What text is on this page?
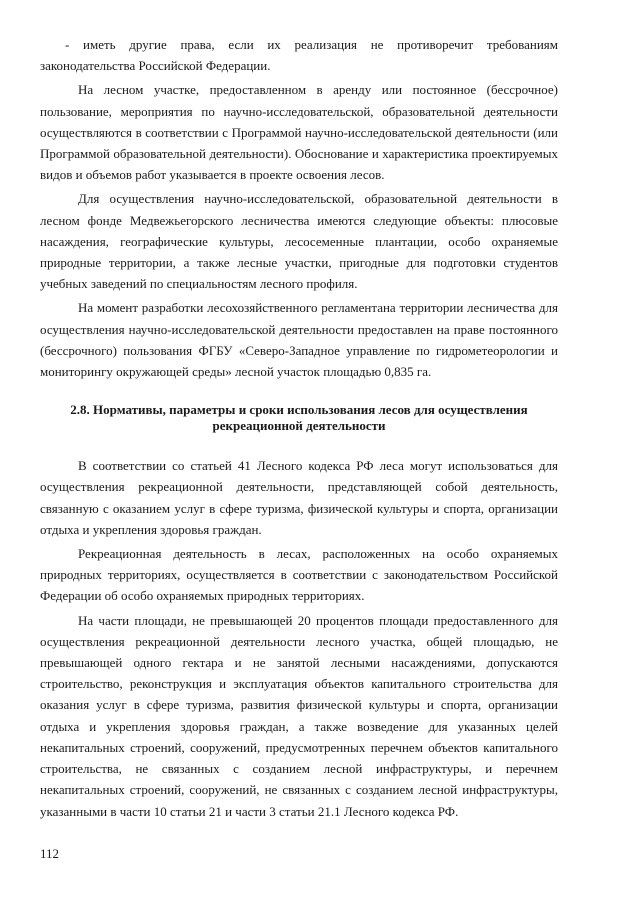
- иметь другие права, если их реализация не противоречит требованиям законодательства Российской Федерации.

На лесном участке, предоставленном в аренду или постоянное (бессрочное) пользование, мероприятия по научно-исследовательской, образовательной деятельности осуществляются в соответствии с Программой научно-исследовательской деятельности (или Программой образовательной деятельности). Обоснование и характеристика проектируемых видов и объемов работ указывается в проекте освоения лесов.

Для осуществления научно-исследовательской, образовательной деятельности в лесном фонде Медвежьегорского лесничества имеются следующие объекты: плюсовые насаждения, географические культуры, лесосеменные плантации, особо охраняемые природные территории, а также лесные участки, пригодные для подготовки студентов учебных заведений по специальностям лесного профиля.

На момент разработки лесохозяйственного регламентана территории лесничества для осуществления научно-исследовательской деятельности предоставлен на праве постоянного (бессрочного) пользования ФГБУ «Северо-Западное управление по гидрометеорологии и мониторингу окружающей среды» лесной участок площадью 0,835 га.

2.8. Нормативы, параметры и сроки использования лесов для осуществления рекреационной деятельности

В соответствии со статьей 41 Лесного кодекса РФ леса могут использоваться для осуществления рекреационной деятельности, представляющей собой деятельность, связанную с оказанием услуг в сфере туризма, физической культуры и спорта, организации отдыха и укрепления здоровья граждан.

Рекреационная деятельность в лесах, расположенных на особо охраняемых природных территориях, осуществляется в соответствии с законодательством Российской Федерации об особо охраняемых природных территориях.

На части площади, не превышающей 20 процентов площади предоставленного для осуществления рекреационной деятельности лесного участка, общей площадью, не превышающей одного гектара и не занятой лесными насаждениями, допускаются строительство, реконструкция и эксплуатация объектов капитального строительства для оказания услуг в сфере туризма, развития физической культуры и спорта, организации отдыха и укрепления здоровья граждан, а также возведение для указанных целей некапитальных строений, сооружений, предусмотренных перечнем объектов капитального строительства, не связанных с созданием лесной инфраструктуры, и перечнем некапитальных строений, сооружений, не связанных с созданием лесной инфраструктуры, указанными в части 10 статьи 21 и части 3 статьи 21.1 Лесного кодекса РФ.

112
